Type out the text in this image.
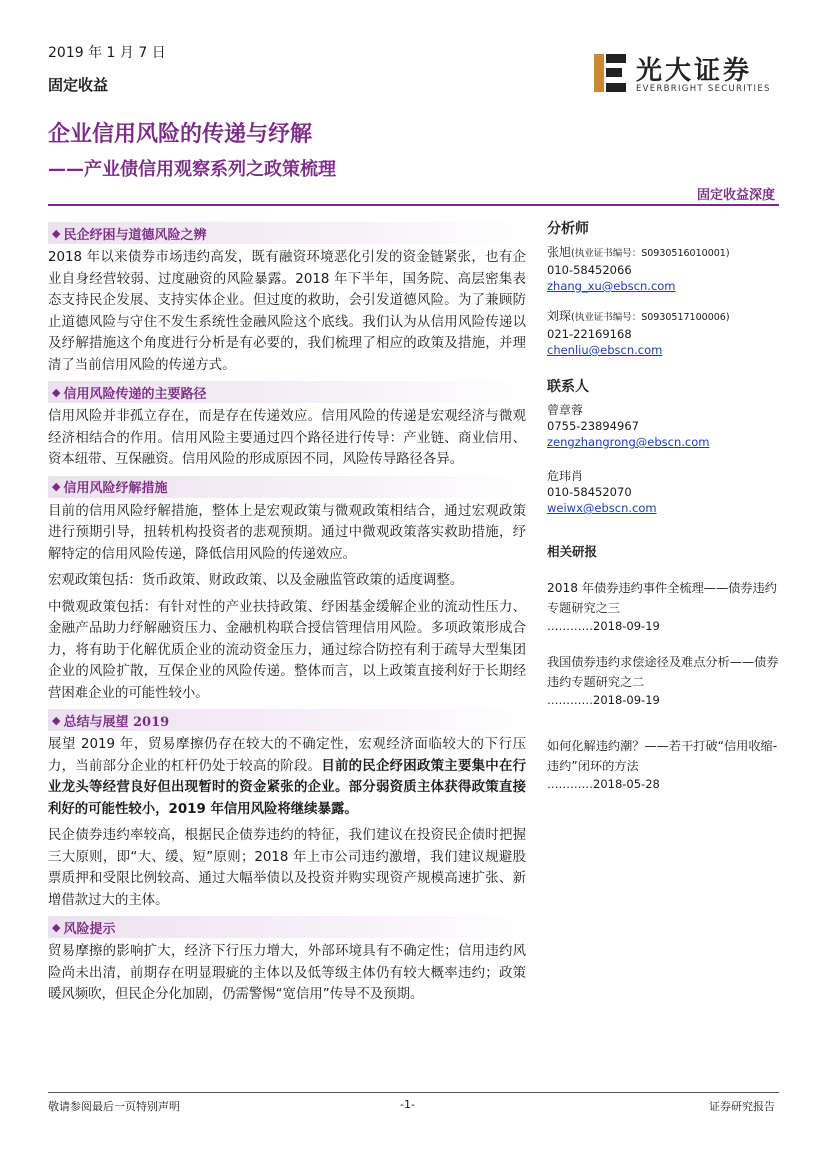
2019 年 1 月 7 日
固定收益
企业信用风险的传递与纾解
——产业债信用观察系列之政策梳理
固定收益深度
光大证券
EVERBRIGHT SECURITIES
◆ 民企纾困与道德风险之辨

2018 年以来债券市场违约高发，既有融资环境恶化引发的资金链紧张，也有企业自身经营较弱、过度融资的风险暴露。2018 年下半年，国务院、高层密集表态支持民企发展、支持实体企业。但过度的救助，会引发道德风险。为了兼顾防止道德风险与守住不发生系统性金融风险这个底线。我们认为从信用风险传递以及纾解措施这个角度进行分析是有必要的，我们梳理了相应的政策及措施，并理清了当前信用风险的传递方式。

◆ 信用风险传递的主要路径

信用风险并非孤立存在，而是存在传递效应。信用风险的传递是宏观经济与微观经济相结合的作用。信用风险主要通过四个路径进行传导：产业链、商业信用、资本纽带、互保融资。信用风险的形成原因不同，风险传导路径各异。

◆ 信用风险纾解措施

目前的信用风险纾解措施，整体上是宏观政策与微观政策相结合，通过宏观政策进行预期引导，扭转机构投资者的悲观预期。通过中微观政策落实救助措施，纾解特定的信用风险传递，降低信用风险的传递效应。

宏观政策包括：货币政策、财政政策、以及金融监管政策的适度调整。

中微观政策包括：有针对性的产业扶持政策、纾困基金缓解企业的流动性压力、金融产品助力纾解融资压力、金融机构联合授信管理信用风险。多项政策形成合力，将有助于化解优质企业的流动资金压力，通过综合防控有利于疏导大型集团企业的风险扩散，互保企业的风险传递。整体而言，以上政策直接利好于长期经营困难企业的可能性较小。

◆ 总结与展望 2019

展望 2019 年，贸易摩擦仍存在较大的不确定性，宏观经济面临较大的下行压力，当前部分企业的杠杆仍处于较高的阶段。目前的民企纾困政策主要集中在行业龙头等经营良好但出现暂时的资金紧张的企业。部分弱资质主体获得政策直接利好的可能性较小，2019 年信用风险将继续暴露。

民企债券违约率较高，根据民企债券违约的特征，我们建议在投资民企债时把握三大原则，即“大、缓、短”原则；2018 年上市公司违约激增，我们建议规避股票质押和受限比例较高、通过大幅举债以及投资并购实现资产规模高速扩张、新增借款过大的主体。

◆ 风险提示

贸易摩擦的影响扩大，经济下行压力增大，外部环境具有不确定性；信用违约风险尚未出清，前期存在明显瑕疵的主体以及低等级主体仍有较大概率违约；政策暖风频吹，但民企分化加剧，仍需警惕“宽信用”传导不及预期。

分析师
张旭(执业证书编号：S0930516010001)
010-58452066
zhang_xu@ebscn.com
刘琛(执业证书编号：S0930517100006)
021-22169168
chenliu@ebscn.com
联系人
曾章蓉
0755-23894967
zengzhangrong@ebscn.com
危玮肖
010-58452070
weiwx@ebscn.com
相关研报
2018 年债券违约事件全梳理——债券违约专题研究之三
…………2018-09-19
我国债券违约求偿途径及难点分析——债券违约专题研究之二
…………2018-09-19
如何化解违约潮？——若干打破“信用收缩-违约”闭环的方法
…………2018-05-28
敬请参阅最后一页特别声明	-1-	证券研究报告
